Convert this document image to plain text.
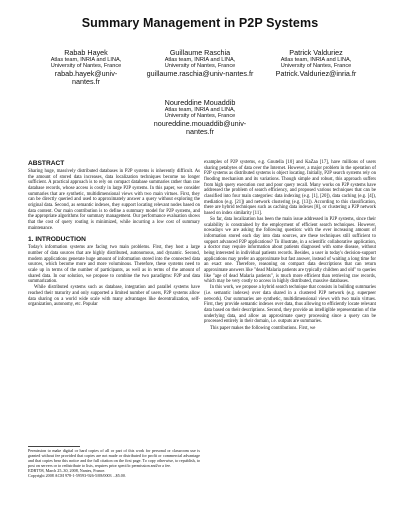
Summary Management in P2P Systems
Rabab Hayek
Atlas team, INRIA and LINA,
University of Nantes, France
rabab.hayek@univ-nantes.fr
Guillaume Raschia
Atlas team, INRIA and LINA,
University of Nantes, France
guillaume.raschia@univ-nantes.fr
Patrick Valduriez
Atlas team, INRIA and LINA,
University of Nantes, France
Patrick.Valduriez@inria.fr
Noureddine Mouaddib
Atlas team, INRIA and LINA,
University of Nantes, France
noureddine.mouaddib@univ-nantes.fr
ABSTRACT

Sharing huge, massively distributed databases in P2P systems is inherently difficult. As the amount of stored data increases, data localization techniques become no longer sufficient. A practical approach is to rely on compact database summaries rather than raw database records, whose access is costly in large P2P systems. In this paper, we consider summaries that are synthetic, multidimensional views with two main virtues. First, they can be directly queried and used to approximately answer a query without exploring the original data. Second, as semantic indexes, they support locating relevant nodes based on data content. Our main contribution is to define a summary model for P2P systems, and the appropriate algorithms for summary management. Our performance evaluation shows that the cost of query routing is minimized, while incurring a low cost of summary maintenance.

1. INTRODUCTION

Today's information systems are facing two main problems. First, they host a large number of data sources that are highly distributed, autonomous, and dynamic. Second, modern applications generate huge amount of information stored into the connected data sources, which become more and more voluminous. Therefore, these systems need to scale up in terms of the number of participants, as well as in terms of the amount of shared data. In our solution, we propose to combine the two paradigms: P2P and data summarization.

While distributed systems such as database, integration and parallel systems have reached their maturity and only supported a limited number of users, P2P systems allow data sharing on a world wide scale with many advantages like decentralization, self-organization, autonomy, etc. Popular

Permission to make digital or hard copies of all or part of this work for personal or classroom use is granted without fee provided that copies are not made or distributed for profit or commercial advantage and that copies bear this notice and the full citation on the first page. To copy otherwise, to republish, to post on servers or to redistribute to lists, requires prior specific permission and/or a fee.
EDBT'08, March 25–30, 2008, Nantes, France.
Copyright 2008 ACM 978-1-59593-926-5/08/0003 ...$5.00.

examples of P2P systems, e.g. Gnutella [10] and KaZaa [17], have millions of users sharing petabytes of data over the Internet. However, a major problem in the operation of P2P systems as distributed systems is object locating. Initially, P2P search systems rely on flooding mechanism and its variations. Though simple and robust, this approach suffers from high query execution cost and poor query recall. Many works on P2P systems have addressed the problem of search efficiency, and proposed various techniques that can be classified into four main categories: data indexing (e.g. [1], [20]), data caching (e.g. [4]), mediation (e.g. [21]) and network clustering (e.g. [13]). According to this classification, there are hybrid techniques such as caching data indexes [8], or clustering a P2P network based on index similarity [11].

So far, data localization has been the main issue addressed in P2P systems, since their scalability is constrained by the employment of efficient search techniques. However, nowadays we are asking the following question: with the ever increasing amount of information stored each day into data sources, are these techniques still sufficient to support advanced P2P applications? To illustrate, in a scientific collaborative application, a doctor may require information about patients diagnosed with some disease, without being interested in individual patients records. Besides, a user in today's decision-support applications may prefer an approximate but fast answer, instead of waiting a long time for an exact one. Therefore, reasoning on compact data descriptions that can return approximate answers like "dead Malaria patients are typically children and old" to queries like "age of dead Malaria patients", is much more efficient than retrieving raw records, which may be very costly to access in highly distributed, massive databases.

In this work, we propose a hybrid search technique that consists in building summaries (i.e. semantic indexes) over data shared in a clustered P2P network (e.g. superpeer network). Our summaries are synthetic, multidimensional views with two main virtues. First, they provide semantic indexes over data, thus allowing to efficiently locate relevant data based on their descriptions. Second, they provide an intelligible representation of the underlying data, and allow an approximate query processing since a query can be processed entirely in their domain, i.e. outputs are summaries.

This paper makes the following contributions. First, we
